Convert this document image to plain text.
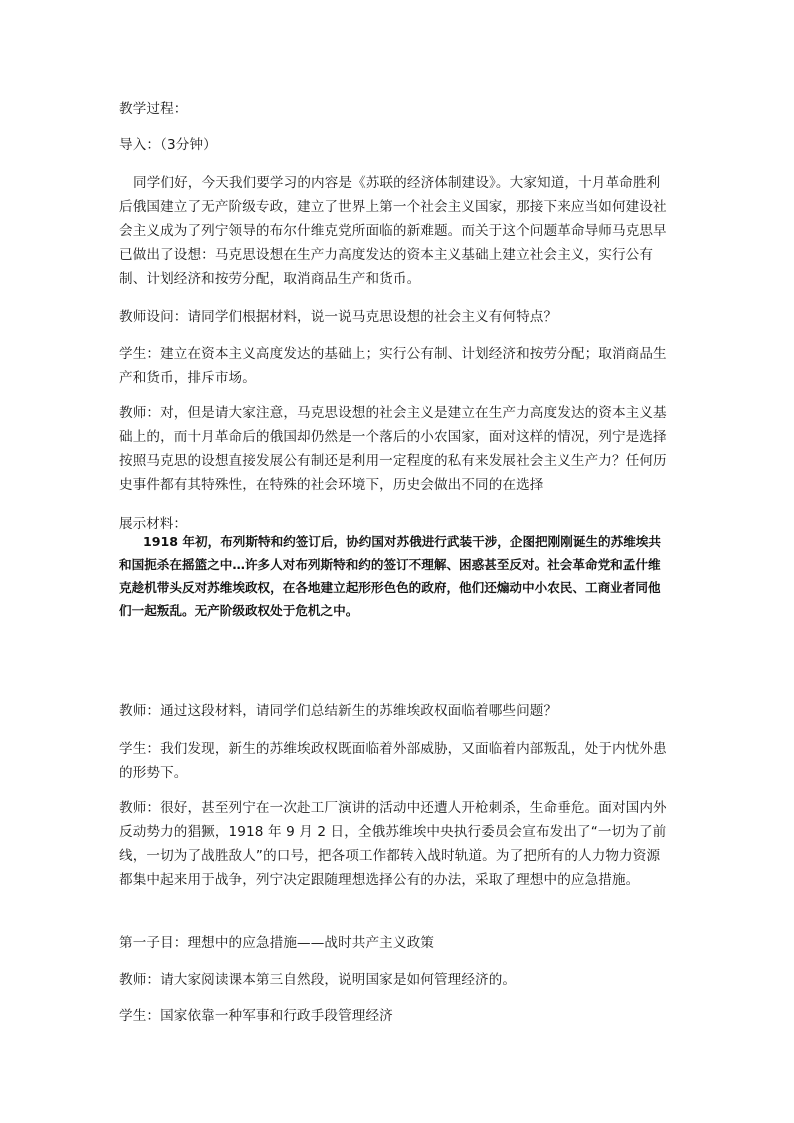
教学过程：

导入：（3分钟）

同学们好，今天我们要学习的内容是《苏联的经济体制建设》。大家知道，十月革命胜利后俄国建立了无产阶级专政，建立了世界上第一个社会主义国家，那接下来应当如何建设社会主义成为了列宁领导的布尔什维克党所面临的新难题。而关于这个问题革命导师马克思早已做出了设想：马克思设想在生产力高度发达的资本主义基础上建立社会主义，实行公有制、计划经济和按劳分配，取消商品生产和货币。

教师设问：请同学们根据材料，说一说马克思设想的社会主义有何特点？

学生：建立在资本主义高度发达的基础上；实行公有制、计划经济和按劳分配；取消商品生产和货币，排斥市场。

教师：对，但是请大家注意，马克思设想的社会主义是建立在生产力高度发达的资本主义基础上的，而十月革命后的俄国却仍然是一个落后的小农国家，面对这样的情况，列宁是选择按照马克思的设想直接发展公有制还是利用一定程度的私有来发展社会主义生产力？任何历史事件都有其特殊性，在特殊的社会环境下，历史会做出不同的在选择

展示材料：

1918 年初，布列斯特和约签订后，协约国对苏俄进行武装干涉，企图把刚刚诞生的苏维埃共和国扼杀在摇篮之中…许多人对布列斯特和约的签订不理解、困惑甚至反对。社会革命党和孟什维克趁机带头反对苏维埃政权，在各地建立起形形色色的政府，他们还煽动中小农民、工商业者同他们一起叛乱。无产阶级政权处于危机之中。

教师：通过这段材料，请同学们总结新生的苏维埃政权面临着哪些问题？

学生：我们发现，新生的苏维埃政权既面临着外部威胁，又面临着内部叛乱，处于内忧外患的形势下。

教师：很好，甚至列宁在一次赴工厂演讲的活动中还遭人开枪刺杀，生命垂危。面对国内外反动势力的猖獗，1918 年 9 月 2 日，全俄苏维埃中央执行委员会宣布发出了“一切为了前线，一切为了战胜敌人”的口号，把各项工作都转入战时轨道。为了把所有的人力物力资源都集中起来用于战争，列宁决定跟随理想选择公有的办法，采取了理想中的应急措施。

第一子目：理想中的应急措施——战时共产主义政策

教师：请大家阅读课本第三自然段，说明国家是如何管理经济的。

学生：国家依靠一种军事和行政手段管理经济
